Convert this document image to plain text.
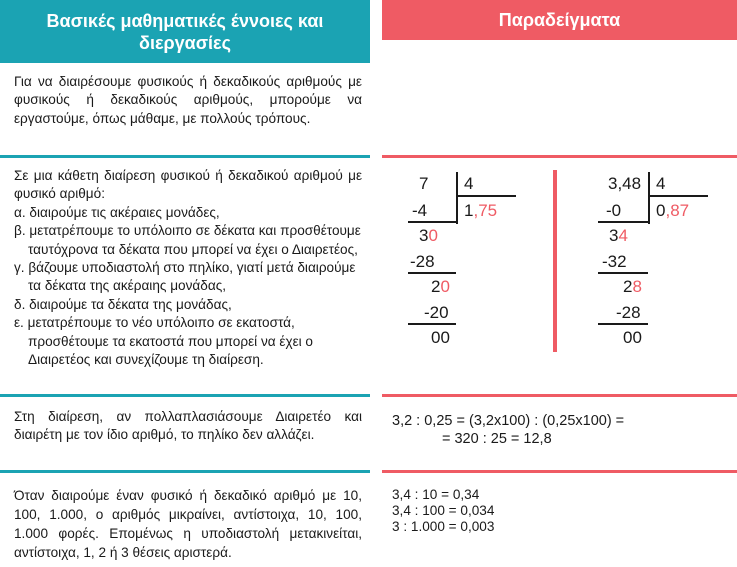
Βασικές μαθηματικές έννοιες και διεργασίες
Παραδείγματα

Για να διαιρέσουμε φυσικούς ή δεκαδικούς αριθμούς με φυσικούς ή δεκαδικούς αριθμούς, μπορούμε να εργαστούμε, όπως μάθαμε, με πολλούς τρόπους.

Σε μια κάθετη διαίρεση φυσικού ή δεκαδικού αριθμού με φυσικό αριθμό:

α. διαιρούμε τις ακέραιες μονάδες,
β. μετατρέπουμε το υπόλοιπο σε δέκατα και προσθέτουμε ταυτόχρονα τα δέκατα που μπορεί να έχει ο Διαιρετέος,
γ. βάζουμε υποδιαστολή στο πηλίκο, γιατί μετά διαιρούμε τα δέκατα της ακέραιης μονάδας,
δ. διαιρούμε τα δέκατα της μονάδας,
ε. μετατρέπουμε το νέο υπόλοιπο σε εκατοστά, προσθέτουμε τα εκατοστά που μπορεί να έχει ο Διαιρετέος και συνεχίζουμε τη διαίρεση.
7 4
1,75
-4
30
-28
20
-20
00
3,48 4
0,87
-0
34
-32
28
-28
00

Στη διαίρεση, αν πολλαπλασιάσουμε Διαιρετέο και διαιρέτη με τον ίδιο αριθμό, το πηλίκο δεν αλλάζει.

3,2 : 0,25 = (3,2x100) : (0,25x100) =
= 320 : 25 = 12,8

Όταν διαιρούμε έναν φυσικό ή δεκαδικό αριθμό με 10, 100, 1.000, ο αριθμός μικραίνει, αντίστοιχα, 10, 100, 1.000 φορές. Επομένως η υποδιαστολή μετακινείται, αντίστοιχα, 1, 2 ή 3 θέσεις αριστερά.

3,4 : 10 = 0,34
3,4 : 100 = 0,034
3 : 1.000 = 0,003
